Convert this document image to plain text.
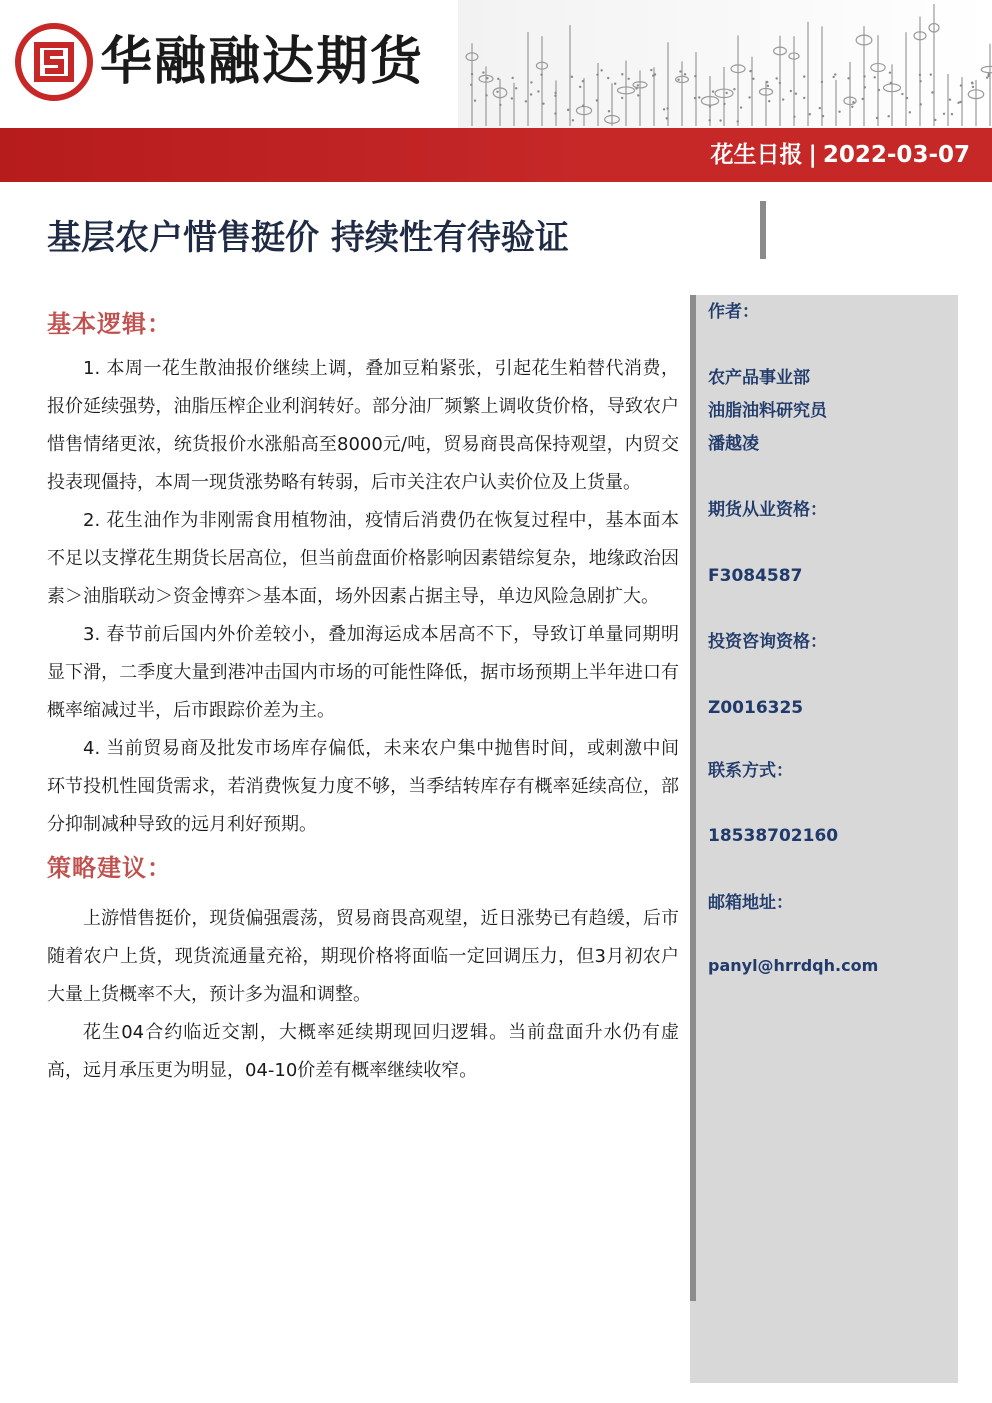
华融融达期货
花生日报 | 2022-03-07
基层农户惜售挺价 持续性有待验证
基本逻辑：

1. 本周一花生散油报价继续上调，叠加豆粕紧张，引起花生粕替代消费，报价延续强势，油脂压榨企业利润转好。部分油厂频繁上调收货价格，导致农户惜售情绪更浓，统货报价水涨船高至8000元/吨，贸易商畏高保持观望，内贸交投表现僵持，本周一现货涨势略有转弱，后市关注农户认卖价位及上货量。

2. 花生油作为非刚需食用植物油，疫情后消费仍在恢复过程中，基本面本不足以支撑花生期货长居高位，但当前盘面价格影响因素错综复杂，地缘政治因素＞油脂联动＞资金博弈＞基本面，场外因素占据主导，单边风险急剧扩大。

3. 春节前后国内外价差较小，叠加海运成本居高不下，导致订单量同期明显下滑，二季度大量到港冲击国内市场的可能性降低，据市场预期上半年进口有概率缩减过半，后市跟踪价差为主。

4. 当前贸易商及批发市场库存偏低，未来农户集中抛售时间，或刺激中间环节投机性囤货需求，若消费恢复力度不够，当季结转库存有概率延续高位，部分抑制减种导致的远月利好预期。

策略建议：

上游惜售挺价，现货偏强震荡，贸易商畏高观望，近日涨势已有趋缓，后市随着农户上货，现货流通量充裕，期现价格将面临一定回调压力，但3月初农户大量上货概率不大，预计多为温和调整。

花生04合约临近交割，大概率延续期现回归逻辑。当前盘面升水仍有虚高，远月承压更为明显，04-10价差有概率继续收窄。

作者：
农产品事业部
油脂油料研究员
潘越凌
期货从业资格：
F3084587
投资咨询资格：
Z0016325
联系方式：
18538702160
邮箱地址：
panyl@hrrdqh.com
